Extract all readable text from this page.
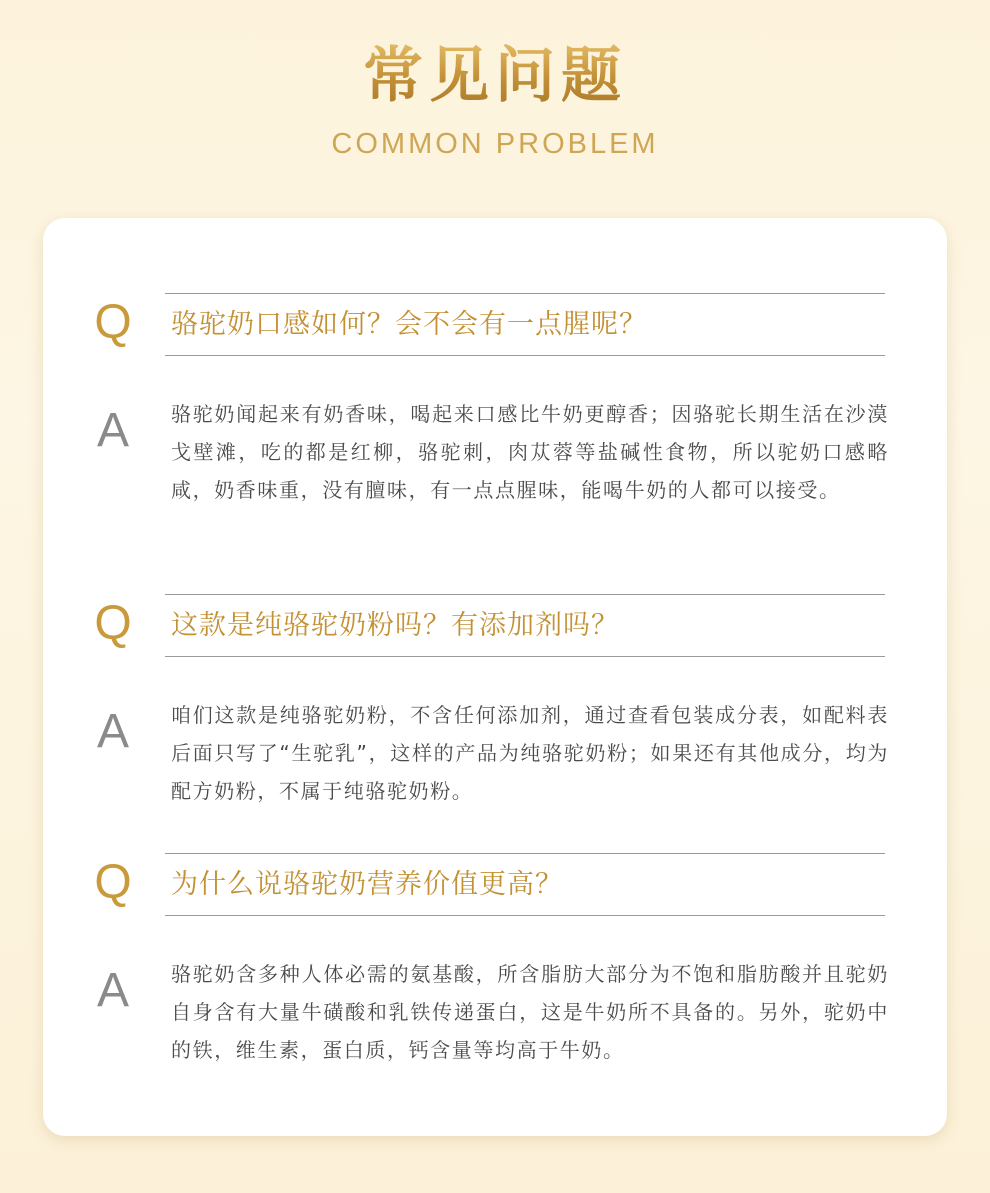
常见问题
COMMON PROBLEM
Q 骆驼奶口感如何？会不会有一点腥呢？
A 骆驼奶闻起来有奶香味，喝起来口感比牛奶更醇香；因骆驼长期生活在沙漠戈壁滩，吃的都是红柳，骆驼刺，肉苁蓉等盐碱性食物，所以驼奶口感略咸，奶香味重，没有膻味，有一点点腥味，能喝牛奶的人都可以接受。
Q 这款是纯骆驼奶粉吗？有添加剂吗？
A 咱们这款是纯骆驼奶粉，不含任何添加剂，通过查看包装成分表，如配料表后面只写了“生驼乳”，这样的产品为纯骆驼奶粉；如果还有其他成分，均为配方奶粉，不属于纯骆驼奶粉。
Q 为什么说骆驼奶营养价值更高？
A 骆驼奶含多种人体必需的氨基酸，所含脂肪大部分为不饱和脂肪酸并且驼奶自身含有大量牛磺酸和乳铁传递蛋白，这是牛奶所不具备的。另外，驼奶中的铁，维生素，蛋白质，钙含量等均高于牛奶。
